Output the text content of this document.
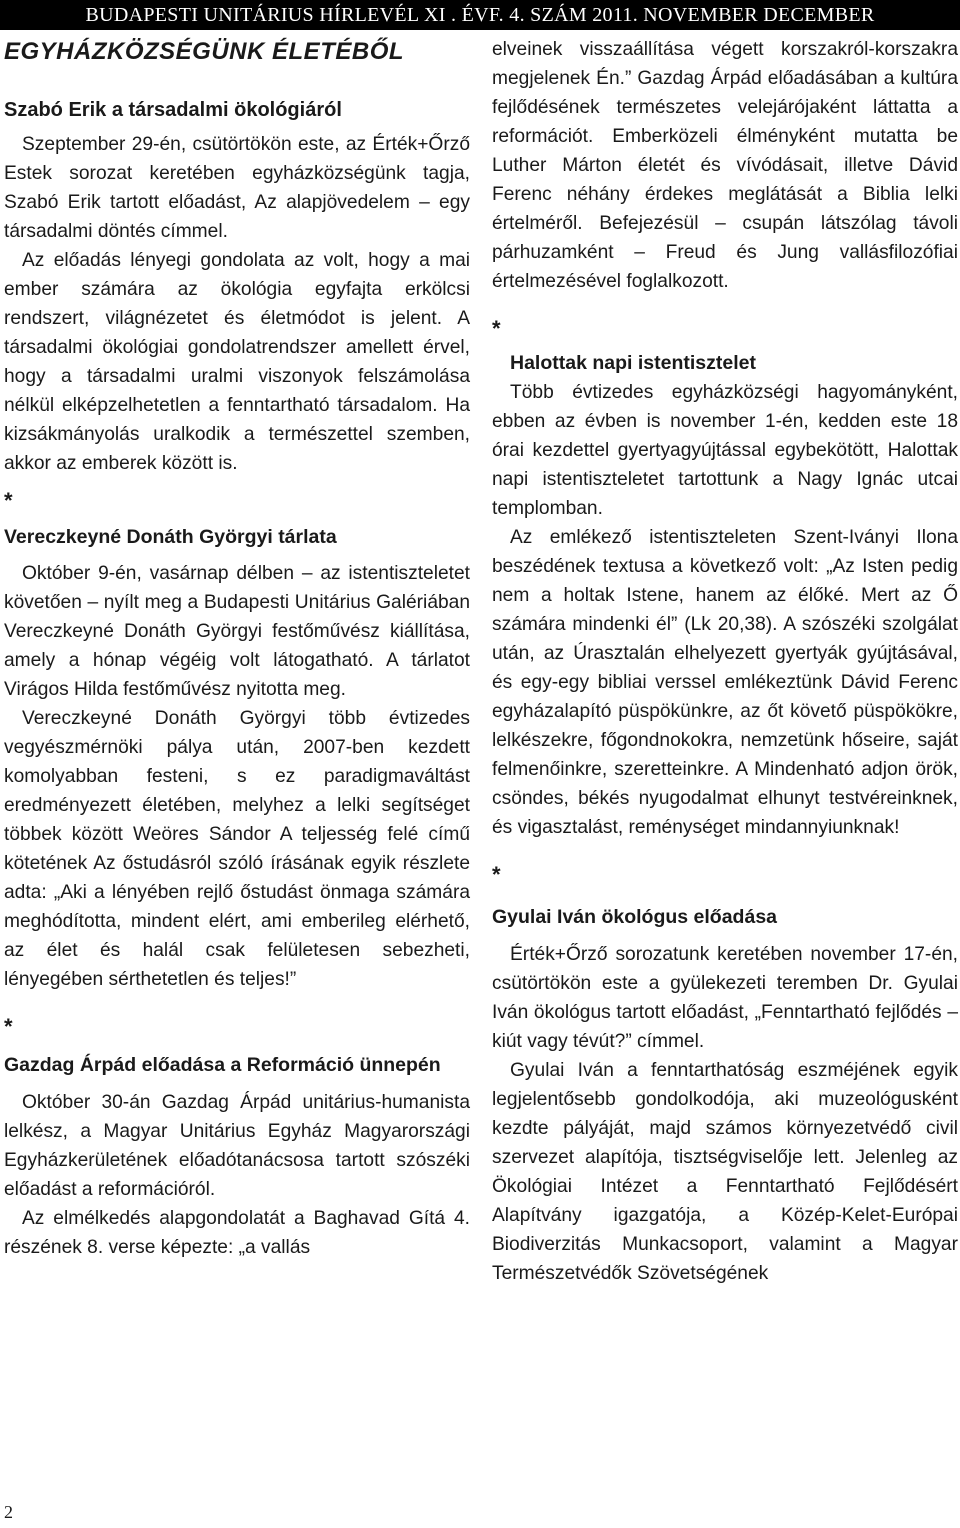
BUDAPESTI UNITÁRIUS HÍRLEVÉL XI . ÉVF. 4. SZÁM 2011. NOVEMBER DECEMBER
EGYHÁZKÖZSÉGÜNK ÉLETÉBŐL
Szabó Erik a társadalmi ökológiáról

Szeptember 29-én, csütörtökön este, az Érték+Őrző Estek sorozat keretében egyházközségünk tagja, Szabó Erik tartott előadást, Az alapjövedelem – egy társadalmi döntés címmel.

Az előadás lényegi gondolata az volt, hogy a mai ember számára az ökológia egyfajta erkölcsi rendszert, világnézetet és életmódot is jelent. A társadalmi ökológiai gondolatrendszer amellett érvel, hogy a társadalmi uralmi viszonyok felszámolása nélkül elképzelhetetlen a fenntartható társadalom. Ha kizsákmányolás uralkodik a természettel szemben, akkor az emberek között is.

*

Vereczkeyné Donáth Györgyi tárlata

Október 9-én, vasárnap délben – az istentiszteletet követően – nyílt meg a Budapesti Unitárius Galériában Vereczkeyné Donáth Györgyi festőművész kiállítása, amely a hónap végéig volt látogatható. A tárlatot Virágos Hilda festőművész nyitotta meg.

Vereczkeyné Donáth Györgyi több évtizedes vegyészmérnöki pálya után, 2007-ben kezdett komolyabban festeni, s ez paradigmaváltást eredményezett életében, melyhez a lelki segítséget többek között Weöres Sándor A teljesség felé című kötetének Az őstudásról szóló írásának egyik részlete adta: „Aki a lényében rejlő őstudást önmaga számára meghódította, mindent elért, ami emberileg elérhető, az élet és halál csak felületesen sebezheti, lényegében sérthetetlen és teljes!”

*

Gazdag Árpád előadása a Reformáció ünnepén

Október 30-án Gazdag Árpád unitárius-humanista lelkész, a Magyar Unitárius Egyház Magyarországi Egyházkerületének előadótanácsosa tartott szószéki előadást a reformációról.

Az elmélkedés alapgondolatát a Baghavad Gítá 4. részének 8. verse képezte: „a vallás

elveinek visszaállítása végett korszakról-korszakra megjelenek Én.” Gazdag Árpád előadásában a kultúra fejlődésének természetes velejárójaként láttatta a reformációt. Emberközeli élményként mutatta be Luther Márton életét és vívódásait, illetve Dávid Ferenc néhány érdekes meglátását a Biblia lelki értelméről. Befejezésül – csupán látszólag távoli párhuzamként – Freud és Jung vallásfilozófiai értelmezésével foglalkozott.

*

Halottak napi istentisztelet

Több évtizedes egyházközségi hagyományként, ebben az évben is november 1-én, kedden este 18 órai kezdettel gyertyagyújtással egybekötött, Halottak napi istentiszteletet tartottunk a Nagy Ignác utcai templomban.

Az emlékező istentiszteleten Szent-Iványi Ilona beszédének textusa a következő volt: „Az Isten pedig nem a holtak Istene, hanem az élőké. Mert az Ő számára mindenki él” (Lk 20,38). A szószéki szolgálat után, az Úrasztalán elhelyezett gyertyák gyújtásával, és egy-egy bibliai verssel emlékeztünk Dávid Ferenc egyházalapító püspökünkre, az őt követő püspökökre, lelkészekre, főgondnokokra, nemzetünk hőseire, saját felmenőinkre, szeretteinkre. A Mindenható adjon örök, csöndes, békés nyugodalmat elhunyt testvéreinknek, és vigasztalást, reménységet mindannyiunknak!

*

Gyulai Iván ökológus előadása

Érték+Őrző sorozatunk keretében november 17-én, csütörtökön este a gyülekezeti teremben Dr. Gyulai Iván ökológus tartott előadást, „Fenntartható fejlődés – kiút vagy tévút?” címmel.

Gyulai Iván a fenntarthatóság eszméjének egyik legjelentősebb gondolkodója, aki muzeológusként kezdte pályáját, majd számos környezetvédő civil szervezet alapítója, tisztségviselője lett. Jelenleg az Ökológiai Intézet a Fenntartható Fejlődésért Alapítvány igazgatója, a Közép-Kelet-Európai Biodiverzitás Munkacsoport, valamint a Magyar Természetvédők Szövetségének

2
